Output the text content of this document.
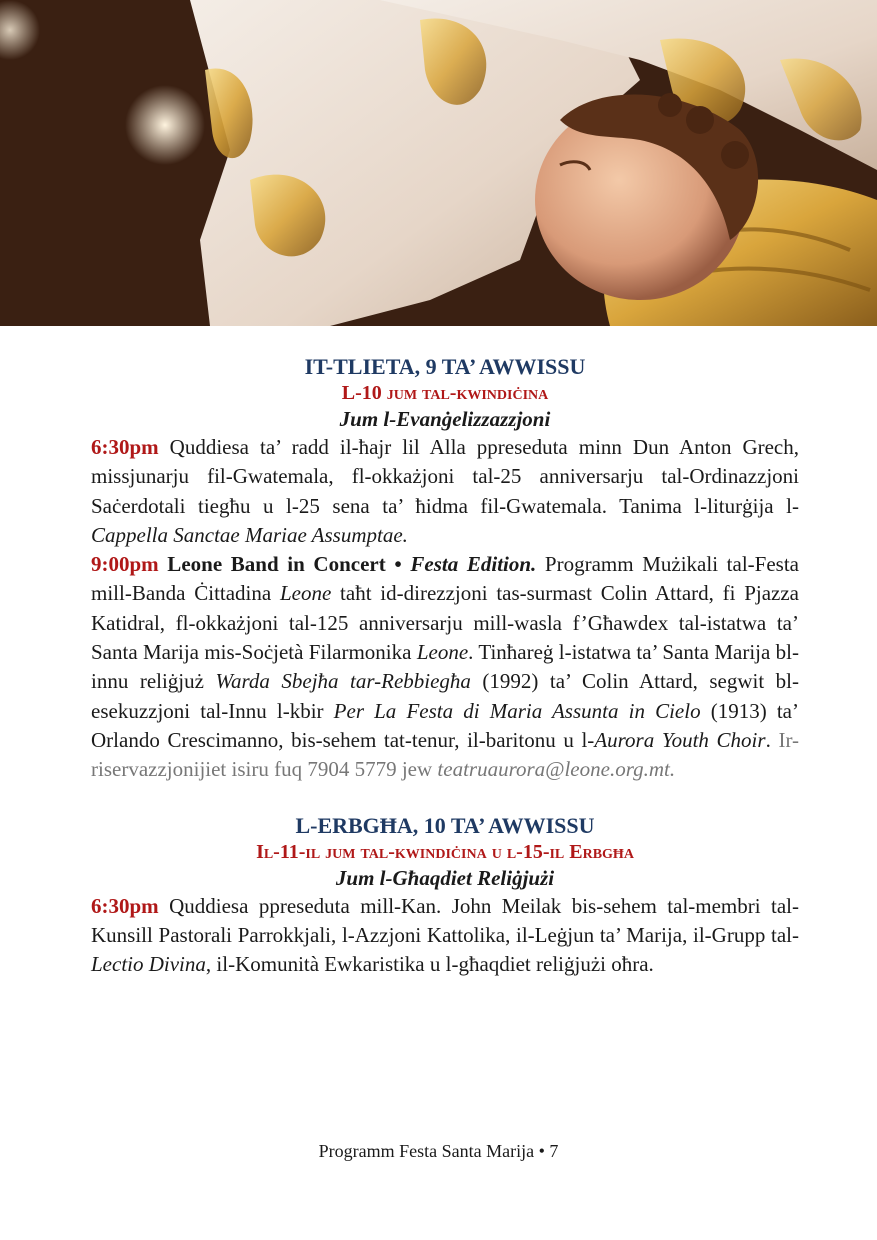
IT-TLIETA, 9 TA’ AWWISSU

L-10 jum tal-kwindiċina

Jum l-Evanġelizzazzjoni

6:30pm Quddiesa ta’ radd il-ħajr lil Alla ppreseduta minn Dun Anton Grech, missjunarju fil-Gwatemala, fl-okkażjoni tal-25 anniversarju tal-Ordinazzjoni Saċerdotali tiegħu u l-25 sena ta’ ħidma fil-Gwatemala. Tanima l-liturġija l-Cappella Sanctae Mariae Assumptae.

9:00pm Leone Band in Concert • Festa Edition. Programm Mużikali tal-Festa mill-Banda Ċittadina Leone taħt id-direzzjoni tas-surmast Colin Attard, fi Pjazza Katidral, fl-okkażjoni tal-125 anniversarju mill-wasla f’Għawdex tal-istatwa ta’ Santa Marija mis-Soċjetà Filarmonika Leone. Tinħareġ l-istatwa ta’ Santa Marija bl-innu reliġjuż Warda Sbejħa tar-Rebbiegħa (1992) ta’ Colin Attard, segwit bl-esekuzzjoni tal-Innu l-kbir Per La Festa di Maria Assunta in Cielo (1913) ta’ Orlando Crescimanno, bis-sehem tat-tenur, il-baritonu u l-Aurora Youth Choir. Ir-riservazzjonijiet isiru fuq 7904 5779 jew teatruaurora@leone.org.mt.

L-ERBGĦA, 10 TA’ AWWISSU

Il-11-il jum tal-kwindiċina u l-15-il Erbgħa

Jum l-Għaqdiet Reliġjużi

6:30pm Quddiesa ppreseduta mill-Kan. John Meilak bis-sehem tal-membri tal-Kunsill Pastorali Parrokkjali, l-Azzjoni Kattolika, il-Leġjun ta’ Marija, il-Grupp tal-Lectio Divina, il-Komunità Ewkaristika u l-għaqdiet reliġjużi oħra.

Programm Festa Santa Marija • 7
